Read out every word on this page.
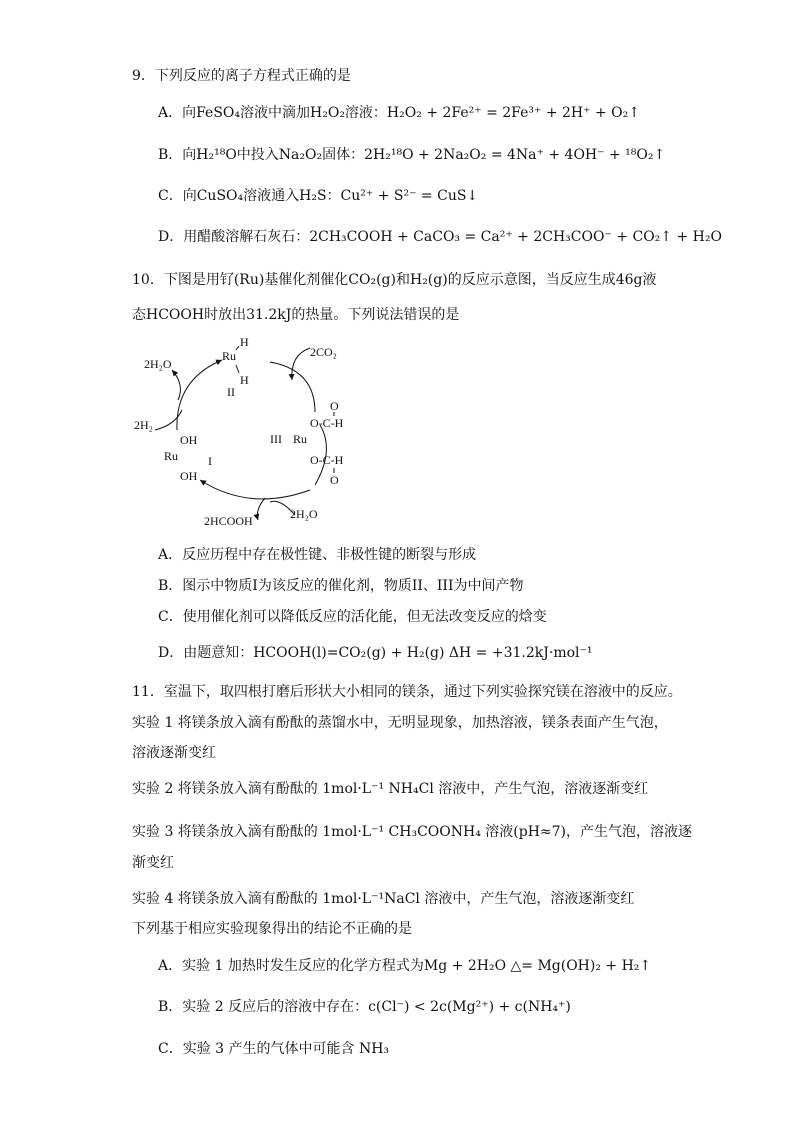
9．下列反应的离子方程式正确的是
A．向FeSO₄溶液中滴加H₂O₂溶液：H₂O₂ + 2Fe²⁺ = 2Fe³⁺ + 2H⁺ + O₂↑
B．向H₂¹⁸O中投入Na₂O₂固体：2H₂¹⁸O + 2Na₂O₂ = 4Na⁺ + 4OH⁻ + ¹⁸O₂↑
C．向CuSO₄溶液通入H₂S：Cu²⁺ + S²⁻ = CuS↓
D．用醋酸溶解石灰石：2CH₃COOH + CaCO₃ = Ca²⁺ + 2CH₃COO⁻ + CO₂↑ + H₂O
10．下图是用钌(Ru)基催化剂催化CO₂(g)和H₂(g)的反应示意图，当反应生成46g液
态HCOOH时放出31.2kJ的热量。下列说法错误的是
Ru
H
H
II
2H₂O
2CO₂
2H₂
O
O-C-H
III Ru
O-C-H
O
OH
Ru I
OH
2HCOOH	2H₂O
A．反应历程中存在极性键、非极性键的断裂与形成
B．图示中物质I为该反应的催化剂，物质II、III为中间产物
C．使用催化剂可以降低反应的活化能，但无法改变反应的焓变
D．由题意知：HCOOH(l)=CO₂(g) + H₂(g) ΔH = +31.2kJ·mol⁻¹
11．室温下，取四根打磨后形状大小相同的镁条，通过下列实验探究镁在溶液中的反应。
实验 1 将镁条放入滴有酚酞的蒸馏水中，无明显现象，加热溶液，镁条表面产生气泡，
溶液逐渐变红
实验 2 将镁条放入滴有酚酞的 1mol·L⁻¹ NH₄Cl 溶液中，产生气泡，溶液逐渐变红
实验 3 将镁条放入滴有酚酞的 1mol·L⁻¹ CH₃COONH₄ 溶液(pH≈7)，产生气泡，溶液逐
渐变红
实验 4 将镁条放入滴有酚酞的 1mol·L⁻¹NaCl 溶液中，产生气泡，溶液逐渐变红
下列基于相应实验现象得出的结论不正确的是
A．实验 1 加热时发生反应的化学方程式为Mg + 2H₂O △= Mg(OH)₂ + H₂↑
B．实验 2 反应后的溶液中存在：c(Cl⁻) < 2c(Mg²⁺) + c(NH₄⁺)
C．实验 3 产生的气体中可能含 NH₃
